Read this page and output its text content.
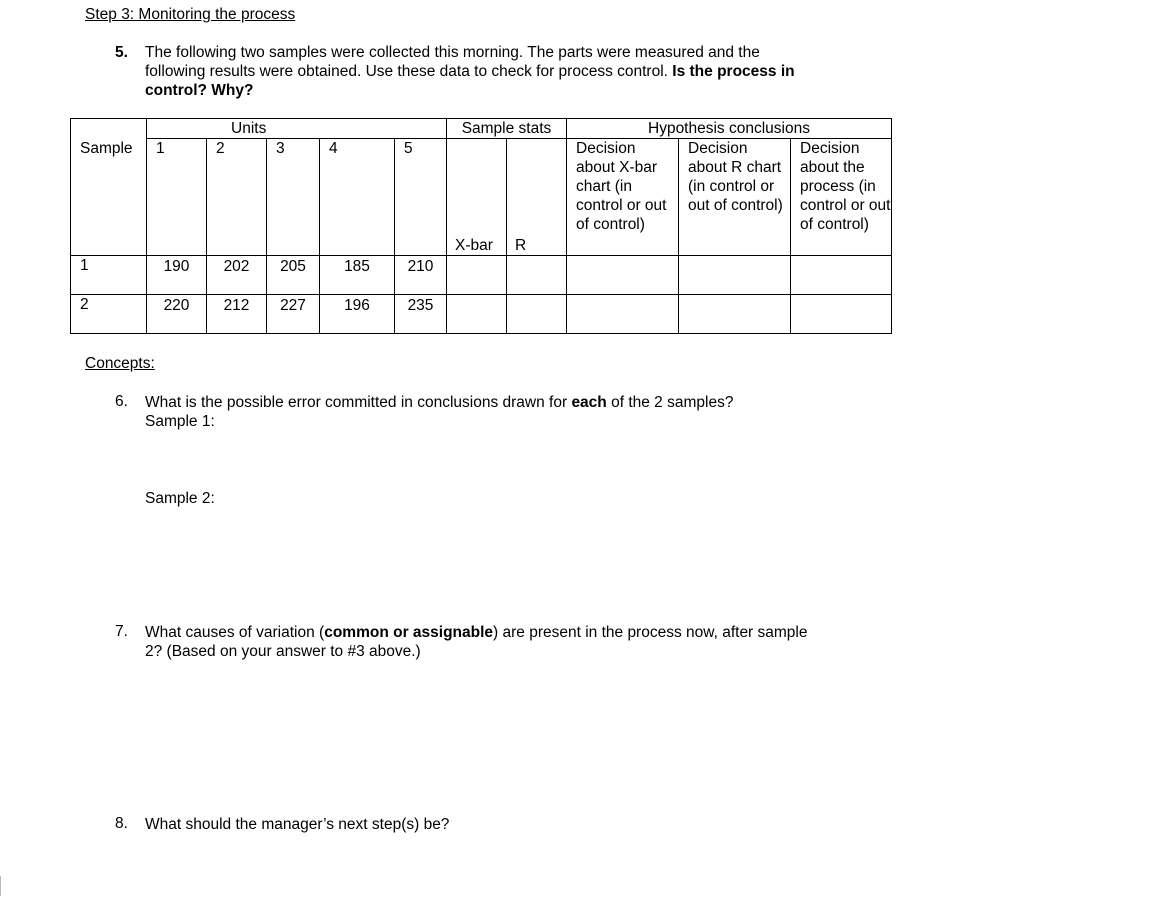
Step 3: Monitoring the process
5. The following two samples were collected this morning. The parts were measured and the following results were obtained. Use these data to check for process control. Is the process in control? Why?
	Units					Sample stats		Hypothesis conclusions		
Sample	1	2	3	4	5	X-bar	R	Decision about X-bar chart (in control or out of control)	Decision about R chart (in control or out of control)	Decision about the process (in control or out of control)
1	190	202	205	185	210					
2	220	212	227	196	235					
Concepts:
6. What is the possible error committed in conclusions drawn for each of the 2 samples?
Sample 1:
Sample 2:
7. What causes of variation (common or assignable) are present in the process now, after sample 2? (Based on your answer to #3 above.)
8. What should the manager’s next step(s) be?
